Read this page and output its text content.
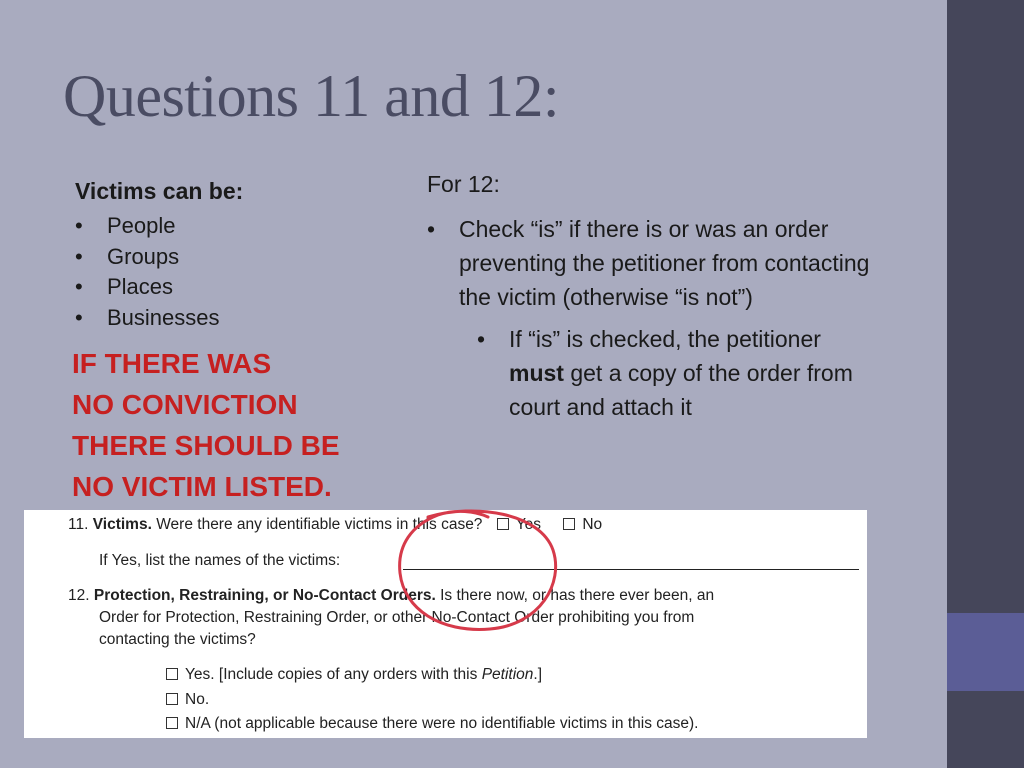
Questions 11 and 12:

Victims can be:

• People
• Groups
• Places
• Businesses

IF THERE WAS
NO CONVICTION
THERE SHOULD BE
NO VICTIM LISTED.

For 12:

• Check “is” if there is or was an order preventing the petitioner from contacting the victim (otherwise “is not”)

• If “is” is checked, the petitioner must get a copy of the order from court and attach it

11. Victims. Were there any identifiable victims in this case? Yes	No
If Yes, list the names of the victims:
12. Protection, Restraining, or No-Contact Orders. Is there now, or has there ever been, an
Order for Protection, Restraining Order, or other No-Contact Order prohibiting you from
contacting the victims?
Yes. [Include copies of any orders with this Petition.]
No.
N/A (not applicable because there were no identifiable victims in this case).
